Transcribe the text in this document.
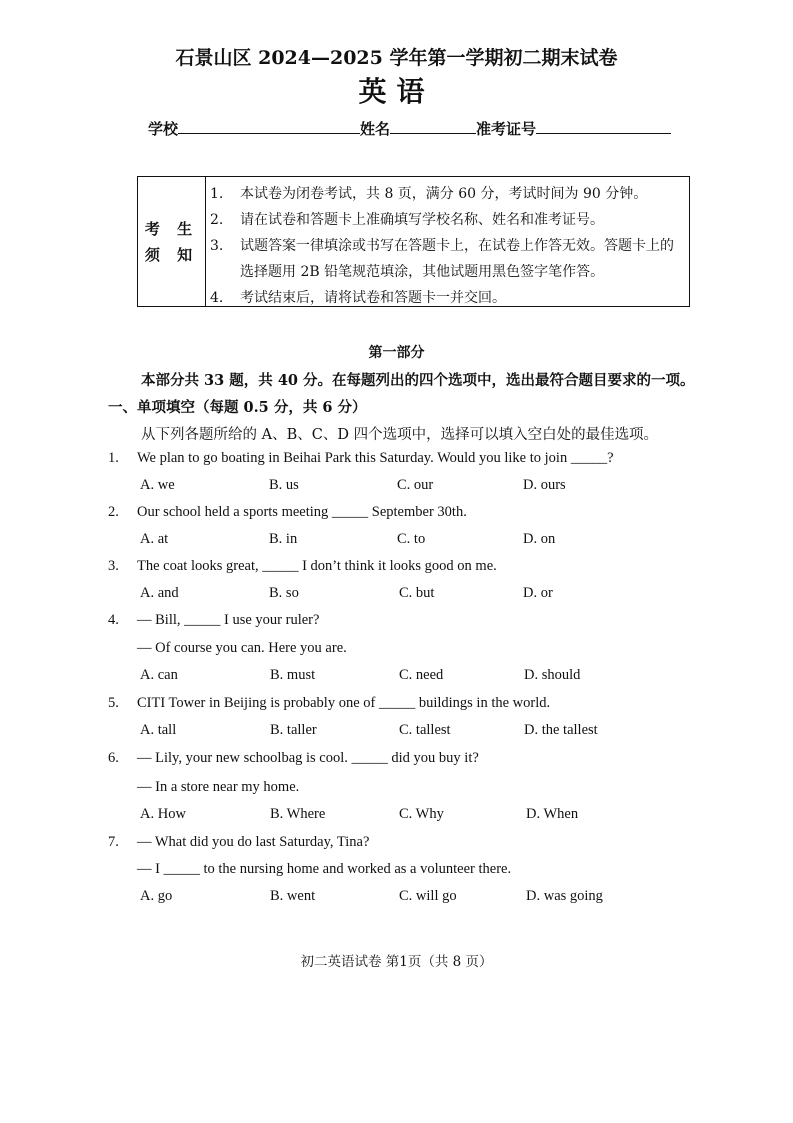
石景山区 2024—2025 学年第一学期初二期末试卷
英语
学校	姓名	准考证号
考 生
须 知
1.	本试卷为闭卷考试，共 8 页，满分 60 分，考试时间为 90 分钟。
2.	请在试卷和答题卡上准确填写学校名称、姓名和准考证号。
3.	试题答案一律填涂或书写在答题卡上，在试卷上作答无效。答题卡上的选择题用 2B 铅笔规范填涂，其他试题用黑色签字笔作答。
4.	考试结束后，请将试卷和答题卡一并交回。
第一部分
本部分共 33 题，共 40 分。在每题列出的四个选项中，选出最符合题目要求的一项。
一、单项填空（每题 0.5 分，共 6 分）
从下列各题所给的 A、B、C、D 四个选项中，选择可以填入空白处的最佳选项。
1. We plan to go boating in Beihai Park this Saturday. Would you like to join _____?
A. we	B. us	C. our	D. ours
2. Our school held a sports meeting _____ September 30th.
A. at	B. in	C. to	D. on
3. The coat looks great, _____ I don’t think it looks good on me.
A. and	B. so	C. but	D. or
4. — Bill, _____ I use your ruler?
— Of course you can. Here you are.
A. can	B. must	C. need	D. should
5. CITI Tower in Beijing is probably one of _____ buildings in the world.
A. tall	B. taller	C. tallest	D. the tallest
6. — Lily, your new schoolbag is cool. _____ did you buy it?
— In a store near my home.
A. How	B. Where	C. Why	D. When
7. — What did you do last Saturday, Tina?
— I _____ to the nursing home and worked as a volunteer there.
A. go	B. went	C. will go	D. was going
初二英语试卷 第1页（共 8 页）
